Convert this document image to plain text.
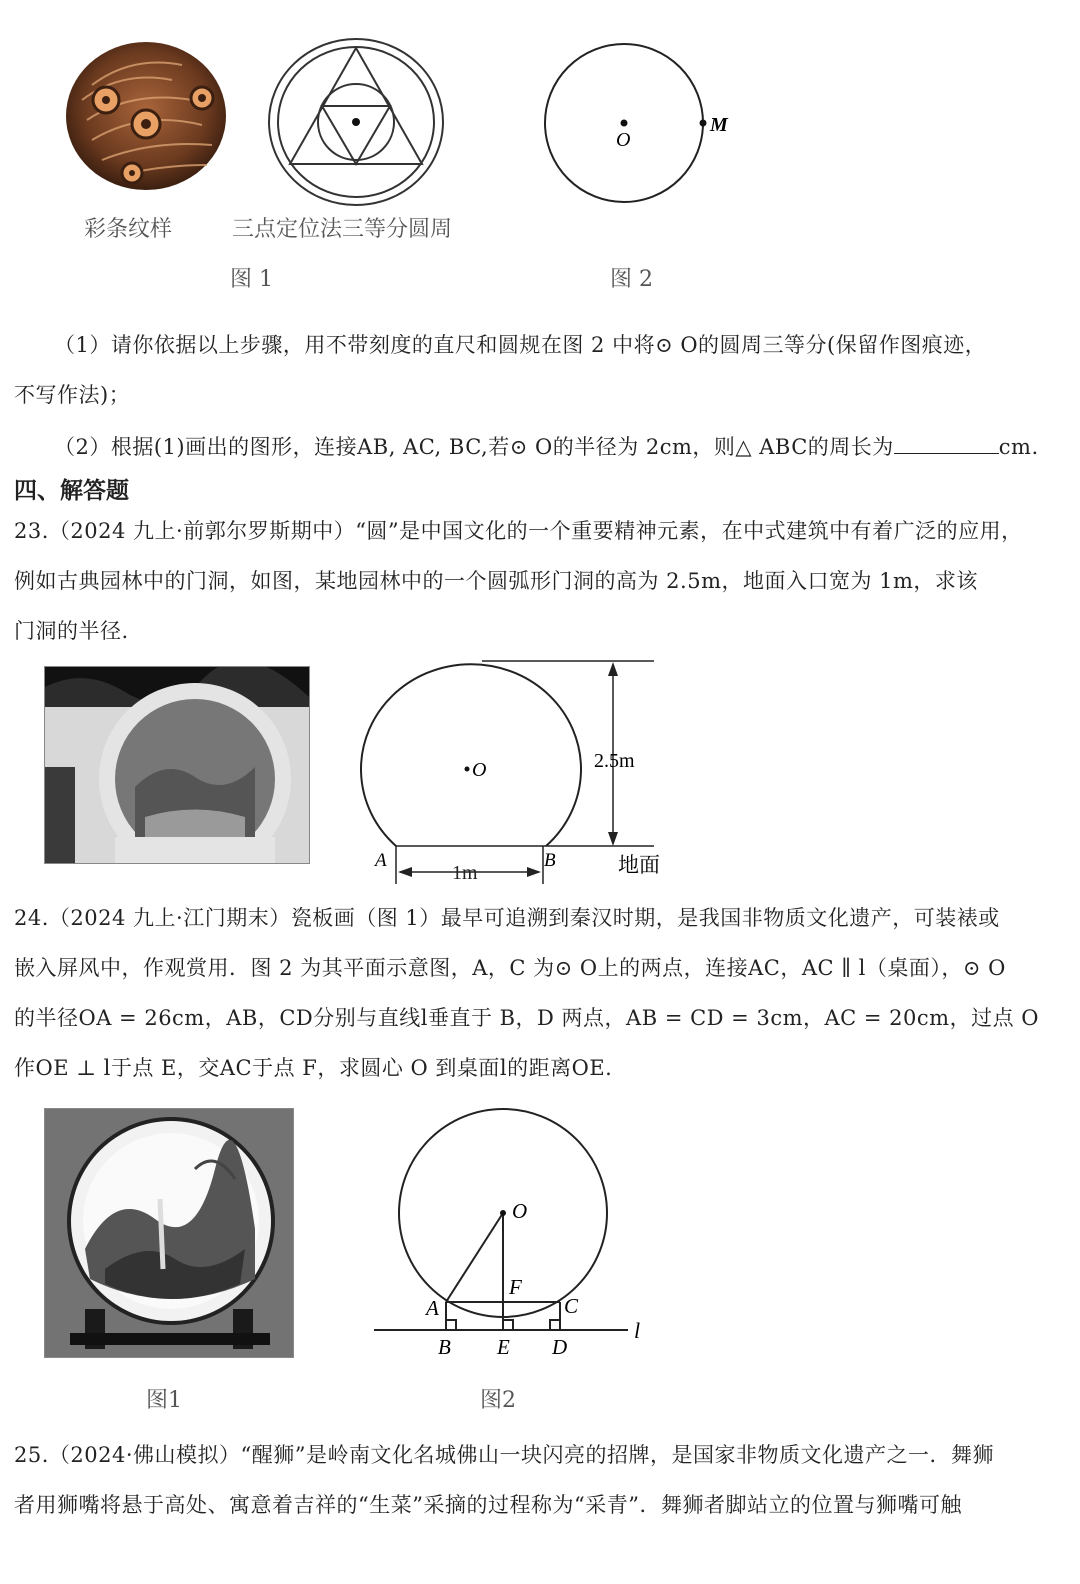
彩条纹样	三点定位法三等分圆周
图 1
O
M
图 2
（1）请你依据以上步骤，用不带刻度的直尺和圆规在图 2 中将⊙ O的圆周三等分(保留作图痕迹，
不写作法)；
（2）根据(1)画出的图形，连接AB, AC, BC,若⊙ O的半径为 2cm，则△ ABC的周长为	cm.
四、解答题
23.（2024 九上·前郭尔罗斯期中）“圆”是中国文化的一个重要精神元素，在中式建筑中有着广泛的应用，
例如古典园林中的门洞，如图，某地园林中的一个圆弧形门洞的高为 2.5m，地面入口宽为 1m，求该
门洞的半径.
O	2.5m
A	B
1m	地面
24.（2024 九上·江门期末）瓷板画（图 1）最早可追溯到秦汉时期，是我国非物质文化遗产，可装裱或
嵌入屏风中，作观赏用．图 2 为其平面示意图，A，C 为⊙ O上的两点，连接AC，AC ∥ l（桌面），⊙ O
的半径OA = 26cm，AB，CD分别与直线l垂直于 B，D 两点，AB = CD = 3cm，AC = 20cm，过点 O
作OE ⊥ l于点 E，交AC于点 F，求圆心 O 到桌面l的距离OE.
图1
O
F
A	C
B E D
l
图2
25.（2024·佛山模拟）“醒狮”是岭南文化名城佛山一块闪亮的招牌，是国家非物质文化遗产之一．舞狮
者用狮嘴将悬于高处、寓意着吉祥的“生菜”采摘的过程称为“采青”．舞狮者脚站立的位置与狮嘴可触
